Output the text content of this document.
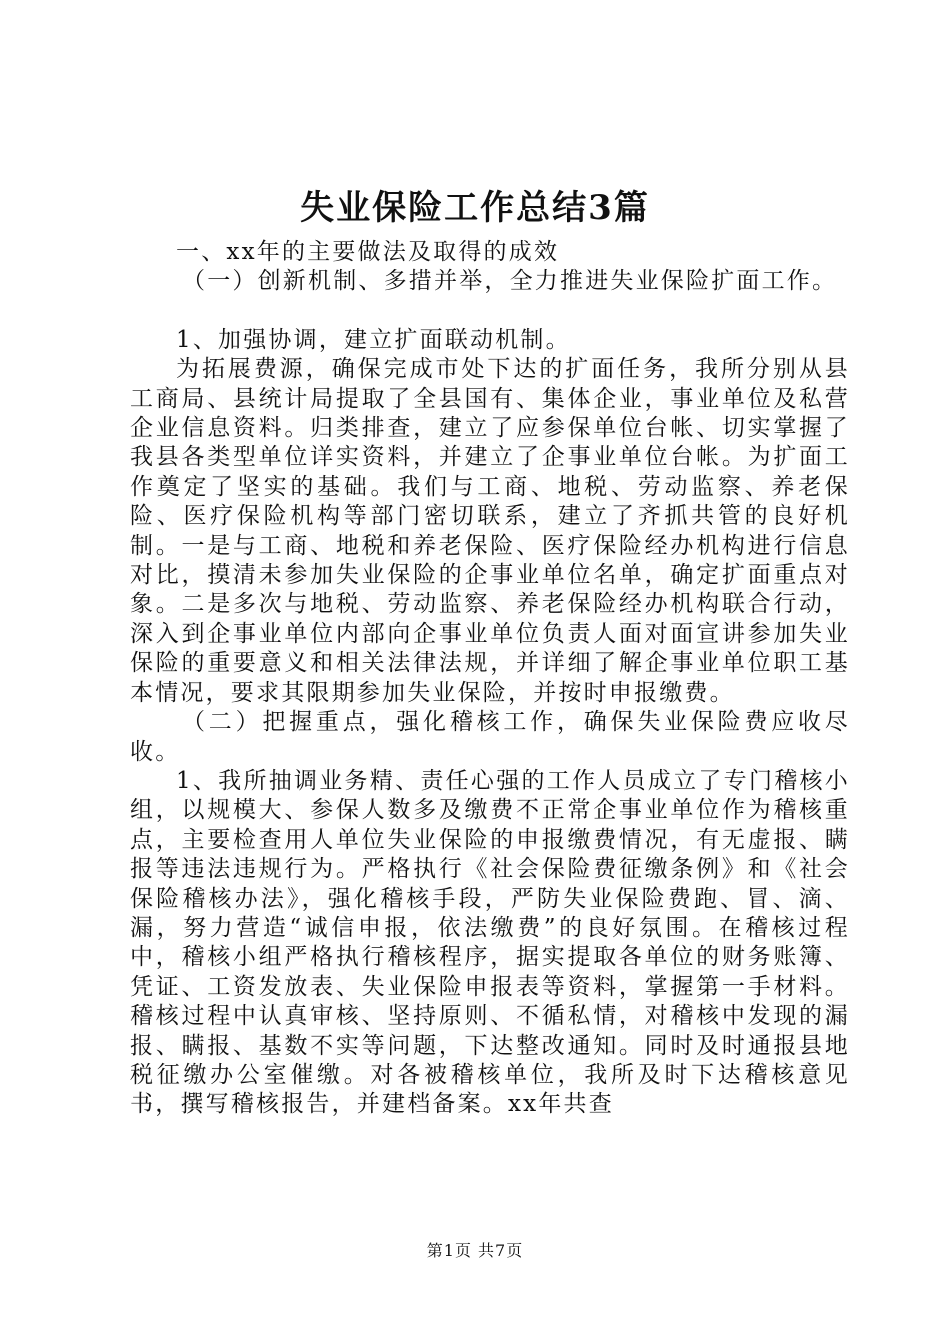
失业保险工作总结3篇

一、xx年的主要做法及取得的成效

（一）创新机制、多措并举，全力推进失业保险扩面工作。

1、加强协调，建立扩面联动机制。

为拓展费源，确保完成市处下达的扩面任务，我所分别从县工商局、县统计局提取了全县国有、集体企业，事业单位及私营企业信息资料。归类排查，建立了应参保单位台帐、切实掌握了我县各类型单位详实资料，并建立了企事业单位台帐。为扩面工作奠定了坚实的基础。我们与工商、地税、劳动监察、养老保险、医疗保险机构等部门密切联系，建立了齐抓共管的良好机制。一是与工商、地税和养老保险、医疗保险经办机构进行信息对比，摸清未参加失业保险的企事业单位名单，确定扩面重点对象。二是多次与地税、劳动监察、养老保险经办机构联合行动，深入到企事业单位内部向企事业单位负责人面对面宣讲参加失业保险的重要意义和相关法律法规，并详细了解企事业单位职工基本情况，要求其限期参加失业保险，并按时申报缴费。

（二）把握重点，强化稽核工作，确保失业保险费应收尽收。

1、我所抽调业务精、责任心强的工作人员成立了专门稽核小组，以规模大、参保人数多及缴费不正常企事业单位作为稽核重点，主要检查用人单位失业保险的申报缴费情况，有无虚报、瞒报等违法违规行为。严格执行《社会保险费征缴条例》和《社会保险稽核办法》，强化稽核手段，严防失业保险费跑、冒、滴、漏，努力营造“诚信申报，依法缴费”的良好氛围。在稽核过程中，稽核小组严格执行稽核程序，据实提取各单位的财务账簿、凭证、工资发放表、失业保险申报表等资料，掌握第一手材料。稽核过程中认真审核、坚持原则、不循私情，对稽核中发现的漏报、瞒报、基数不实等问题，下达整改通知。同时及时通报县地税征缴办公室催缴。对各被稽核单位，我所及时下达稽核意见书，撰写稽核报告，并建档备案。xx年共查

第1页 共7页
